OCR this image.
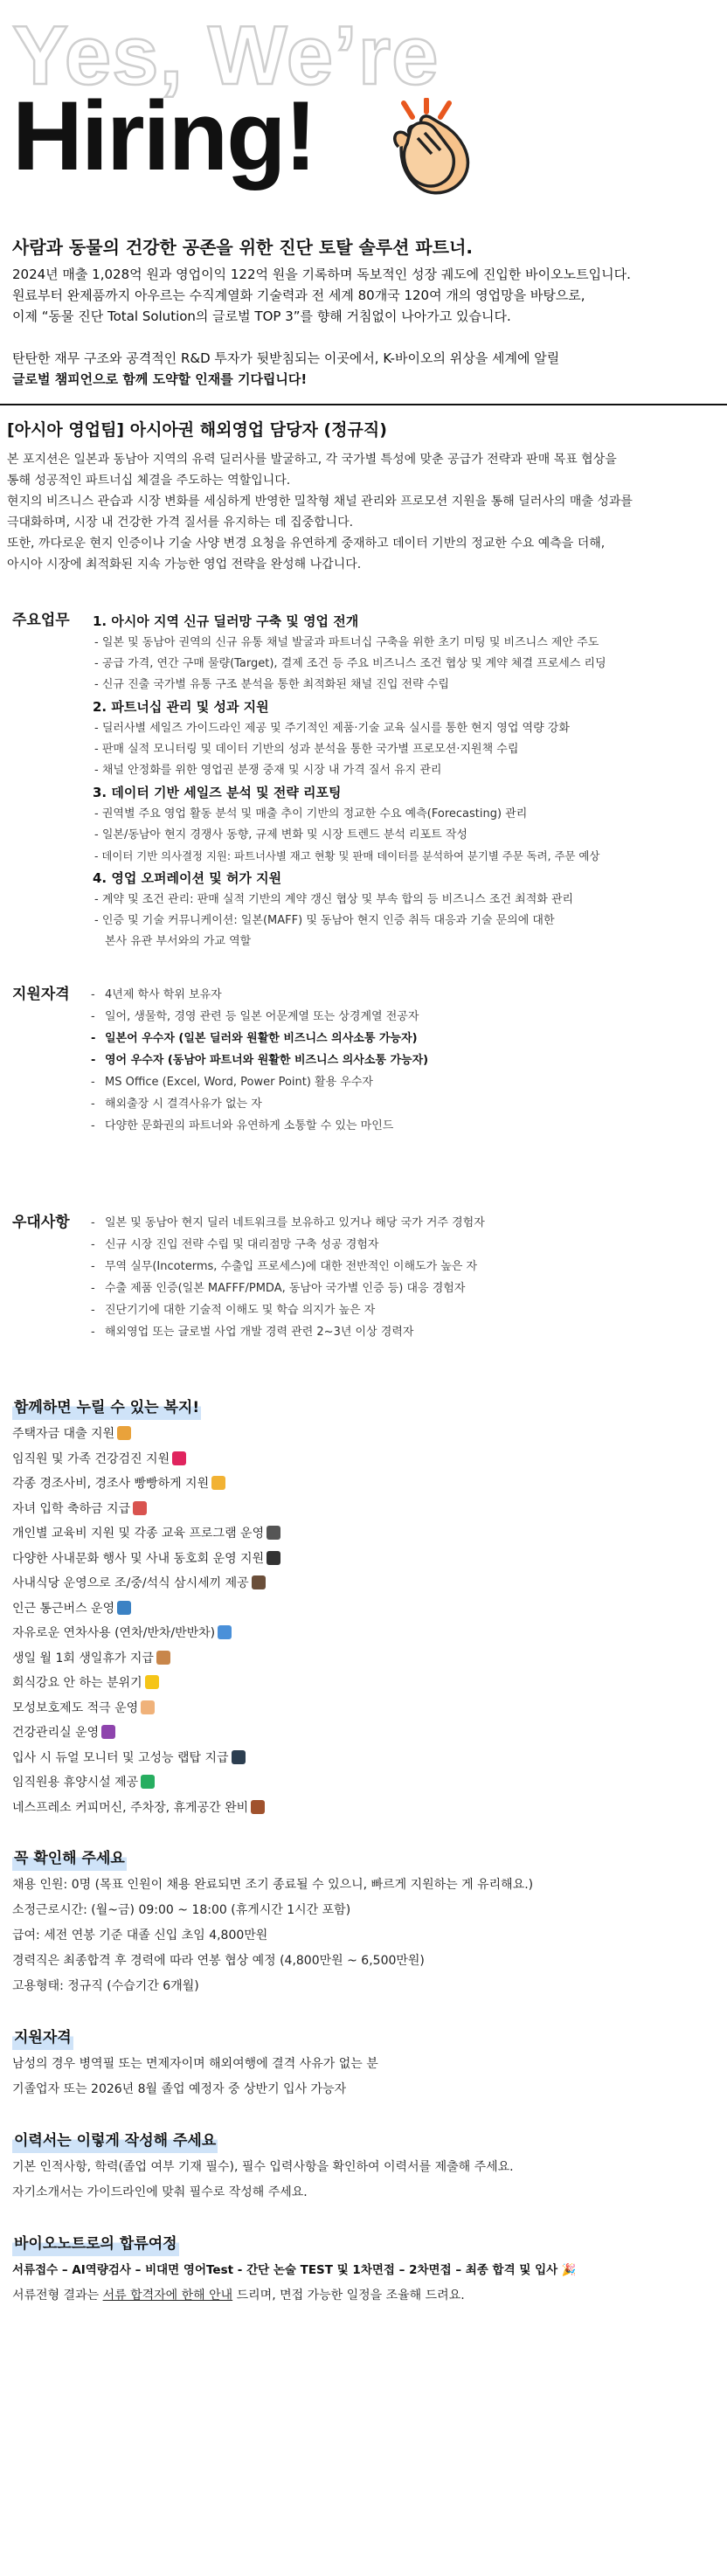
Yes, We’re
Hiring!
사람과 동물의 건강한 공존을 위한 진단 토탈 솔루션 파트너.

2024년 매출 1,028억 원과 영업이익 122억 원을 기록하며 독보적인 성장 궤도에 진입한 바이오노트입니다.

원료부터 완제품까지 아우르는 수직계열화 기술력과 전 세계 80개국 120여 개의 영업망을 바탕으로,

이제 “동물 진단 Total Solution의 글로벌 TOP 3”를 향해 거침없이 나아가고 있습니다.

탄탄한 재무 구조와 공격적인 R&D 투자가 뒷받침되는 이곳에서, K-바이오의 위상을 세계에 알릴

글로벌 챔피언으로 함께 도약할 인재를 기다립니다!

[아시아 영업팀] 아시아권 해외영업 담당자 (정규직)
본 포지션은 일본과 동남아 지역의 유력 딜러사를 발굴하고, 각 국가별 특성에 맞춘 공급가 전략과 판매 목표 협상을
통해 성공적인 파트너십 체결을 주도하는 역할입니다.
현지의 비즈니스 관습과 시장 변화를 세심하게 반영한 밀착형 채널 관리와 프로모션 지원을 통해 딜러사의 매출 성과를
극대화하며, 시장 내 건강한 가격 질서를 유지하는 데 집중합니다.
또한, 까다로운 현지 인증이나 기술 사양 변경 요청을 유연하게 중재하고 데이터 기반의 정교한 수요 예측을 더해,
아시아 시장에 최적화된 지속 가능한 영업 전략을 완성해 나갑니다.
주요업무	1. 아시아 지역 신규 딜러망 구축 및 영업 전개
- 일본 및 동남아 권역의 신규 유통 채널 발굴과 파트너십 구축을 위한 초기 미팅 및 비즈니스 제안 주도
- 공급 가격, 연간 구매 물량(Target), 결제 조건 등 주요 비즈니스 조건 협상 및 계약 체결 프로세스 리딩
- 신규 진출 국가별 유통 구조 분석을 통한 최적화된 채널 진입 전략 수립
2. 파트너십 관리 및 성과 지원
- 딜러사별 세일즈 가이드라인 제공 및 주기적인 제품·기술 교육 실시를 통한 현지 영업 역량 강화
- 판매 실적 모니터링 및 데이터 기반의 성과 분석을 통한 국가별 프로모션·지원책 수립
- 채널 안정화를 위한 영업권 분쟁 중재 및 시장 내 가격 질서 유지 관리
3. 데이터 기반 세일즈 분석 및 전략 리포팅
- 권역별 주요 영업 활동 분석 및 매출 추이 기반의 정교한 수요 예측(Forecasting) 관리
- 일본/동남아 현지 경쟁사 동향, 규제 변화 및 시장 트렌드 분석 리포트 작성
- 데이터 기반 의사결정 지원: 파트너사별 재고 현황 및 판매 데이터를 분석하여 분기별 주문 독려, 주문 예상
4. 영업 오퍼레이션 및 허가 지원
- 계약 및 조건 관리: 판매 실적 기반의 계약 갱신 협상 및 부속 합의 등 비즈니스 조건 최적화 관리
- 인증 및 기술 커뮤니케이션: 일본(MAFF) 및 동남아 현지 인증 취득 대응과 기술 문의에 대한
본사 유관 부서와의 가교 역할
지원자격	- 4년제 학사 학위 보유자
- 일어, 생물학, 경영 관련 등 일본 어문계열 또는 상경계열 전공자
- 일본어 우수자 (일본 딜러와 원활한 비즈니스 의사소통 가능자)
- 영어 우수자 (동남아 파트너와 원활한 비즈니스 의사소통 가능자)
- MS Office (Excel, Word, Power Point) 활용 우수자
- 해외출장 시 결격사유가 없는 자
- 다양한 문화권의 파트너와 유연하게 소통할 수 있는 마인드
우대사항	- 일본 및 동남아 현지 딜러 네트워크를 보유하고 있거나 해당 국가 거주 경험자
- 신규 시장 진입 전략 수립 및 대리점망 구축 성공 경험자
- 무역 실무(Incoterms, 수출입 프로세스)에 대한 전반적인 이해도가 높은 자
- 수출 제품 인증(일본 MAFFF/PMDA, 동남아 국가별 인증 등) 대응 경험자
- 진단기기에 대한 기술적 이해도 및 학습 의지가 높은 자
- 해외영업 또는 글로벌 사업 개발 경력 관련 2~3년 이상 경력자
함께하면 누릴 수 있는 복지!
주택자금 대출 지원
임직원 및 가족 건강검진 지원
각종 경조사비, 경조사 빵빵하게 지원
자녀 입학 축하금 지급
개인별 교육비 지원 및 각종 교육 프로그램 운영
다양한 사내문화 행사 및 사내 동호회 운영 지원
사내식당 운영으로 조/중/석식 삼시세끼 제공
인근 통근버스 운영
자유로운 연차사용 (연차/반차/반반차)
생일 월 1회 생일휴가 지급
회식강요 안 하는 분위기
모성보호제도 적극 운영
건강관리실 운영
입사 시 듀얼 모니터 및 고성능 랩탑 지급
임직원용 휴양시설 제공
네스프레소 커피머신, 주차장, 휴게공간 완비
꼭 확인해 주세요
채용 인원: 0명 (목표 인원이 채용 완료되면 조기 종료될 수 있으니, 빠르게 지원하는 게 유리해요.)
소정근로시간: (월~금) 09:00 ~ 18:00 (휴게시간 1시간 포함)
급여: 세전 연봉 기준 대졸 신입 초임 4,800만원
경력직은 최종합격 후 경력에 따라 연봉 협상 예정 (4,800만원 ~ 6,500만원)
고용형태: 정규직 (수습기간 6개월)
지원자격
남성의 경우 병역필 또는 면제자이며 해외여행에 결격 사유가 없는 분
기졸업자 또는 2026년 8월 졸업 예정자 중 상반기 입사 가능자
이력서는 이렇게 작성해 주세요
기본 인적사항, 학력(졸업 여부 기재 필수), 필수 입력사항을 확인하여 이력서를 제출해 주세요.
자기소개서는 가이드라인에 맞춰 필수로 작성해 주세요.
바이오노트로의 합류여정
서류접수 – AI역량검사 – 비대면 영어Test - 간단 논술 TEST 및 1차면접 – 2차면접 – 최종 합격 및 입사 🎉
서류전형 결과는 서류 합격자에 한해 안내 드리며, 면접 가능한 일정을 조율해 드려요.
